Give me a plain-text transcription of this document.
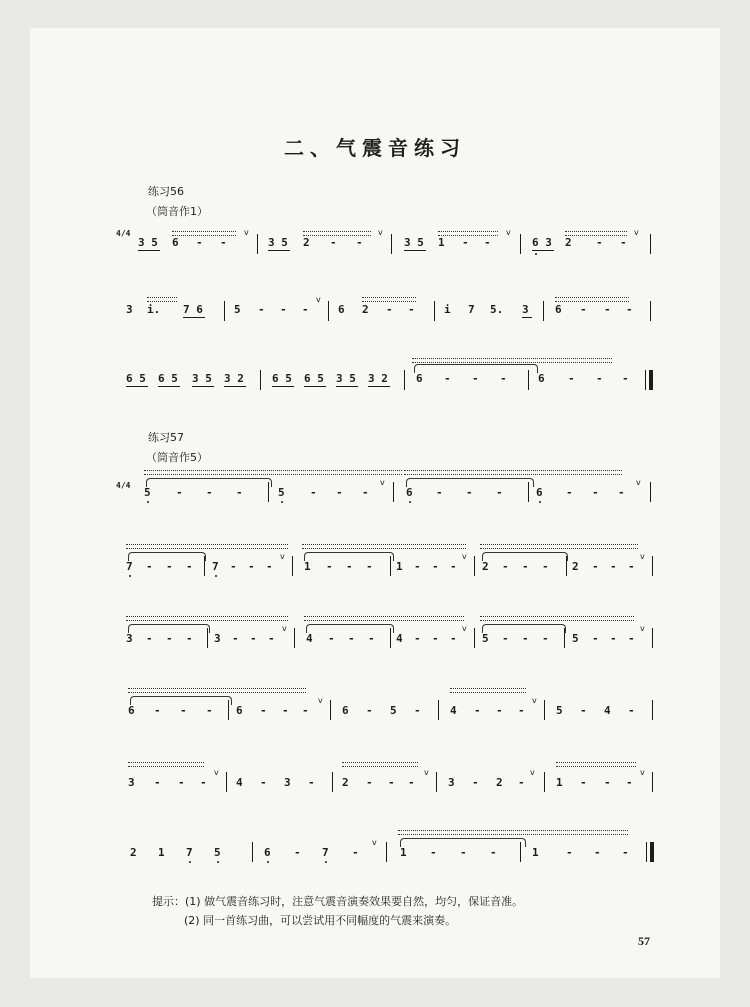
二、气震音练习
练习56
（筒音作1）
4/4
3 5 6 - -
v
3 5 2 - -
v
3 5 1 - -
v
6 3 2 - -
v
3 i. 7 6	5 - - -
v
6 2 - -	i 7 5. 3 6 - - -
6 5 6 5 3 5 3 2	6 5 6 5 3 5 3 2	6 - - -	6 - - -
练习57
（筒音作5）
4/4
5 - - -	5 - - -
v
6 - - -	6 - - -
v
7 - - - 7 - - -
v
1 - - - 1 - - -
v
2 - - - 2 - - -
v
3 - - - 3 - - -
v
4 - - - 4 - - -
v
5 - - - 5 - - -
v
6 - - - 6 - - -
v
6 - 5 -	4 - - -
v
5 - 4 -
3 - - -
v
4 - 3 - 2 - - -
v
3 - 2 -
v
1 - - -
v
2 1 7 5	6 - 7 -
v
1 - - -	1 - - -
提示：(1) 做气震音练习时，注意气震音演奏效果要自然，均匀，保证音准。
(2) 同一首练习曲，可以尝试用不同幅度的气震来演奏。
57
